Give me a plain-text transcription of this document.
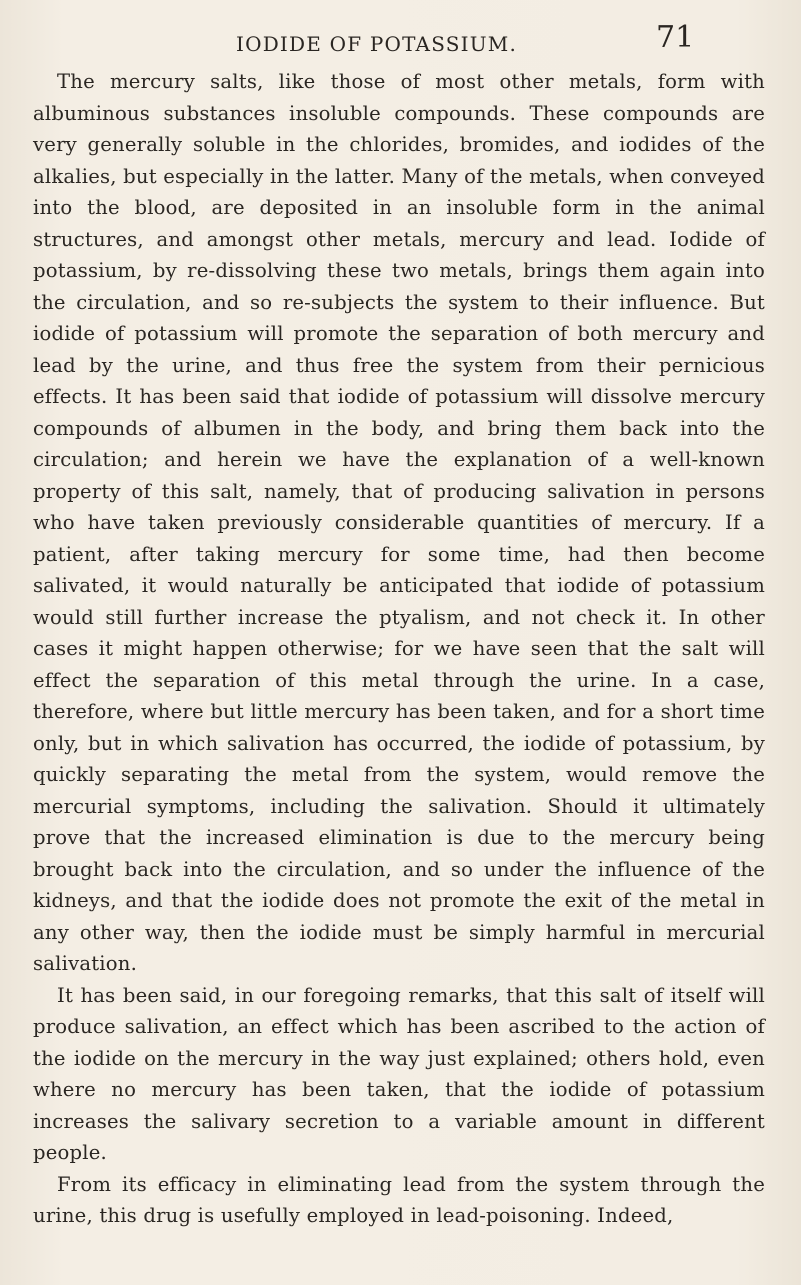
IODIDE OF POTASSIUM.	71

The mercury salts, like those of most other metals, form with albuminous substances insoluble compounds. These compounds are very generally soluble in the chlorides, bromides, and iodides of the alkalies, but especially in the latter. Many of the metals, when conveyed into the blood, are deposited in an insoluble form in the animal structures, and amongst other metals, mercury and lead. Iodide of potassium, by re-dissolving these two metals, brings them again into the circulation, and so re-subjects the system to their influence. But iodide of potassium will promote the separation of both mercury and lead by the urine, and thus free the system from their pernicious effects. It has been said that iodide of potassium will dissolve mercury compounds of albumen in the body, and bring them back into the circulation; and herein we have the explanation of a well-known property of this salt, namely, that of producing salivation in persons who have taken previously considerable quantities of mercury. If a patient, after taking mercury for some time, had then become salivated, it would naturally be anticipated that iodide of potassium would still further increase the ptyalism, and not check it. In other cases it might happen otherwise; for we have seen that the salt will effect the separation of this metal through the urine. In a case, therefore, where but little mercury has been taken, and for a short time only, but in which salivation has occurred, the iodide of potassium, by quickly separating the metal from the system, would remove the mercurial symptoms, including the salivation. Should it ultimately prove that the increased elimination is due to the mercury being brought back into the circulation, and so under the influence of the kidneys, and that the iodide does not promote the exit of the metal in any other way, then the iodide must be simply harmful in mercurial salivation.

It has been said, in our foregoing remarks, that this salt of itself will produce salivation, an effect which has been ascribed to the action of the iodide on the mercury in the way just explained; others hold, even where no mercury has been taken, that the iodide of potassium increases the salivary secretion to a variable amount in different people.

From its efficacy in eliminating lead from the system through the urine, this drug is usefully employed in lead-poisoning. Indeed,
